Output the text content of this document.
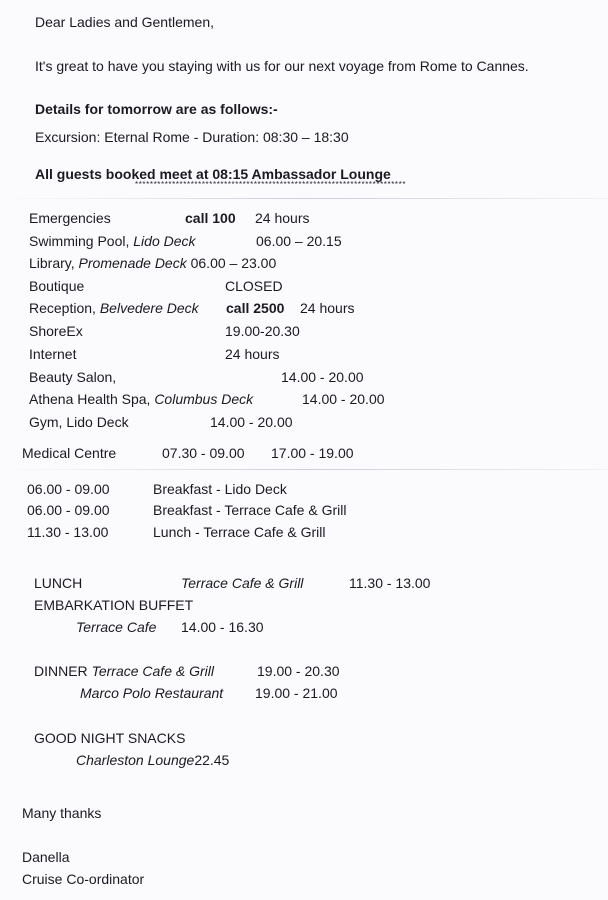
Dear Ladies and Gentlemen,
It's great to have you staying with us for our next voyage from Rome to Cannes.
Details for tomorrow are as follows:-
Excursion: Eternal Rome - Duration: 08:30 – 18:30
All guests booked meet at 08:15 Ambassador Lounge
*************************************************************************
Emergencies	call 100 24 hours
Swimming Pool, Lido Deck	06.00 – 20.15
Library, Promenade Deck 06.00 – 23.00
Boutique	CLOSED
Reception, Belvedere Deck call 2500 24 hours
ShoreEx	19.00-20.30
Internet	24 hours
Beauty Salon,	14.00 - 20.00
Athena Health Spa, Columbus Deck	14.00 - 20.00
Gym, Lido Deck	14.00 - 20.00
Medical Centre	07.30 - 09.00 17.00 - 19.00
06.00 - 09.00	Breakfast - Lido Deck
06.00 - 09.00	Breakfast - Terrace Cafe & Grill
11.30 - 13.00	Lunch - Terrace Cafe & Grill
LUNCH	Terrace Cafe & Grill	11.30 - 13.00
EMBARKATION BUFFET
Terrace Cafe 14.00 - 16.30
DINNER Terrace Cafe & Grill	19.00 - 20.30
Marco Polo Restaurant 19.00 - 21.00
GOOD NIGHT SNACKS
Charleston Lounge22.45
Many thanks
Danella
Cruise Co-ordinator
